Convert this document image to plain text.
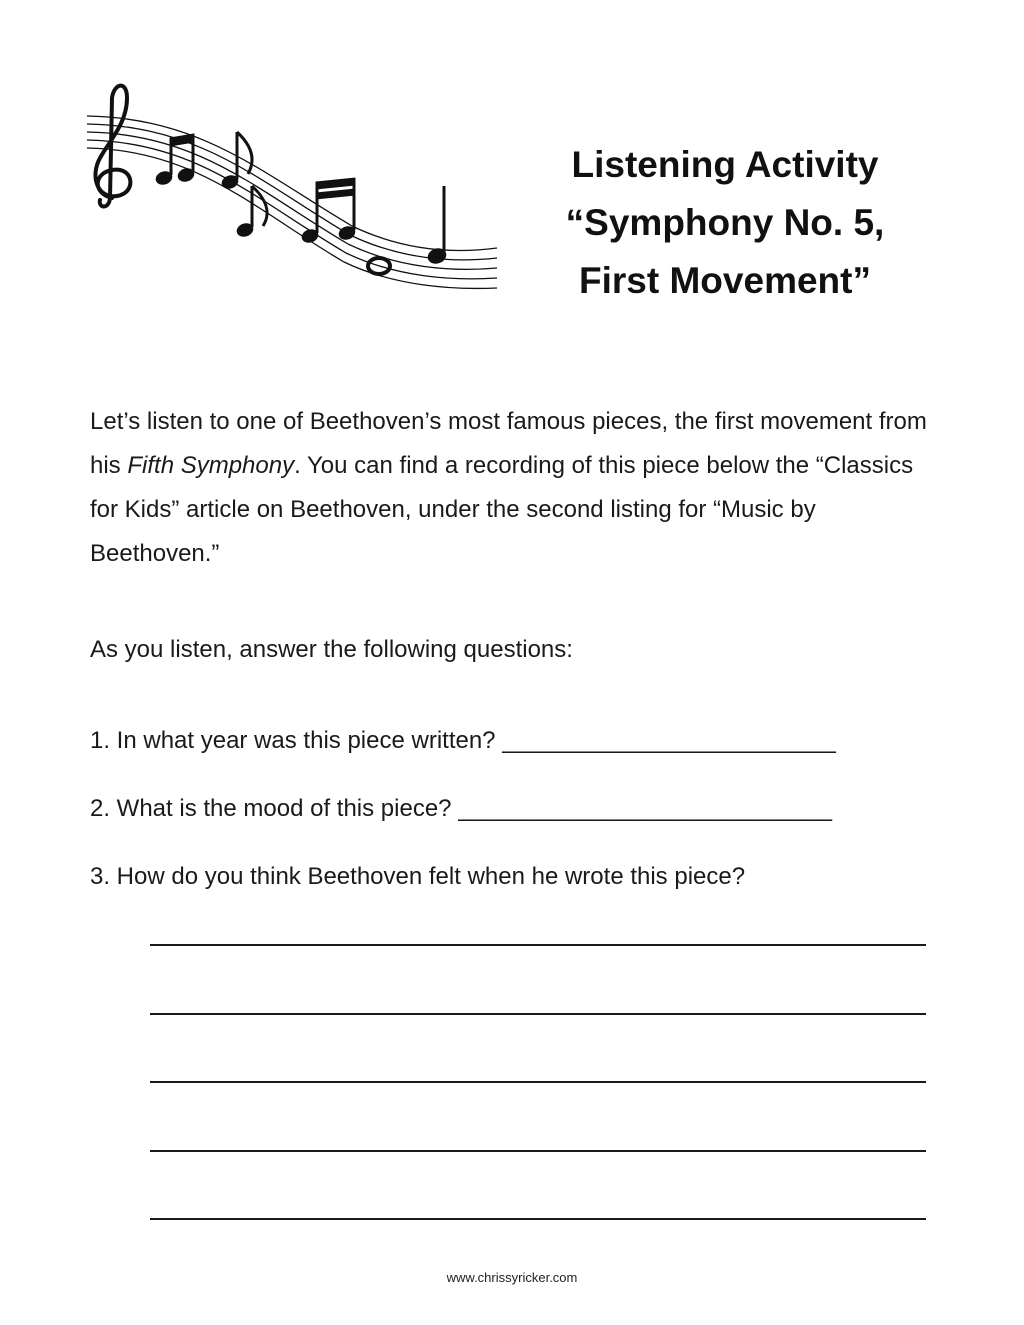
Listening Activity
“Symphony No. 5,
First Movement”
Let’s listen to one of Beethoven’s most famous pieces, the first movement from his Fifth Symphony. You can find a recording of this piece below the “Classics for Kids” article on Beethoven, under the second listing for “Music by Beethoven.”
As you listen, answer the following questions:
1. In what year was this piece written? _________________________
2. What is the mood of this piece? ____________________________
3. How do you think Beethoven felt when he wrote this piece?
www.chrissyricker.com
